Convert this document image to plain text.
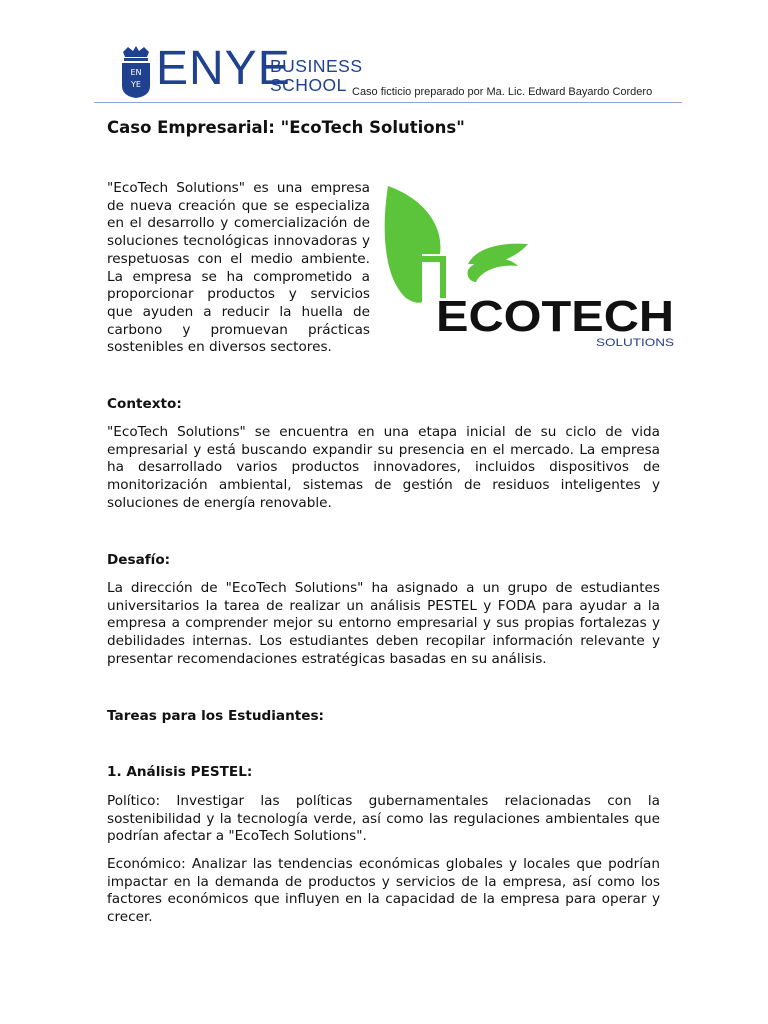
EN
YE ENYE
BUSINESS
SCHOOL Caso ficticio preparado por Ma. Lic. Edward Bayardo Cordero
Caso Empresarial: "EcoTech Solutions"

"EcoTech Solutions" es una empresa de nueva creación que se especializa en el desarrollo y comercialización de soluciones tecnológicas innovadoras y respetuosas con el medio ambiente. La empresa se ha comprometido a proporcionar productos y servicios que ayuden a reducir la huella de carbono y promuevan prácticas sostenibles en diversos sectores.

ECOTECH
SOLUTIONS
Contexto:

"EcoTech Solutions" se encuentra en una etapa inicial de su ciclo de vida empresarial y está buscando expandir su presencia en el mercado. La empresa ha desarrollado varios productos innovadores, incluidos dispositivos de monitorización ambiental, sistemas de gestión de residuos inteligentes y soluciones de energía renovable.

Desafío:

La dirección de "EcoTech Solutions" ha asignado a un grupo de estudiantes universitarios la tarea de realizar un análisis PESTEL y FODA para ayudar a la empresa a comprender mejor su entorno empresarial y sus propias fortalezas y debilidades internas. Los estudiantes deben recopilar información relevante y presentar recomendaciones estratégicas basadas en su análisis.

Tareas para los Estudiantes:
1. Análisis PESTEL:

Político: Investigar las políticas gubernamentales relacionadas con la sostenibilidad y la tecnología verde, así como las regulaciones ambientales que podrían afectar a "EcoTech Solutions".

Económico: Analizar las tendencias económicas globales y locales que podrían impactar en la demanda de productos y servicios de la empresa, así como los factores económicos que influyen en la capacidad de la empresa para operar y crecer.
